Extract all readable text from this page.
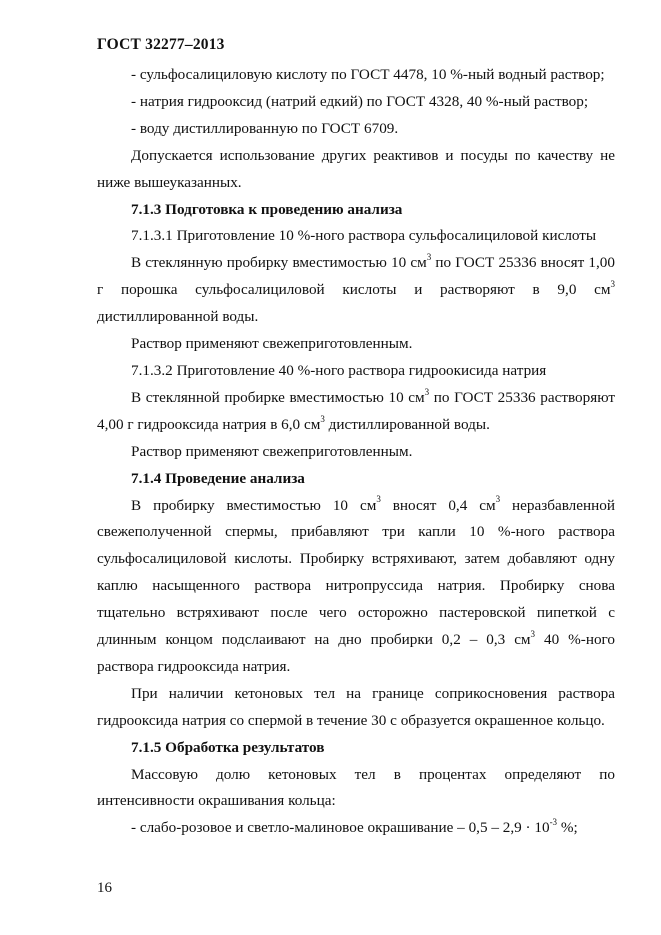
ГОСТ 32277–2013

- сульфосалициловую кислоту по ГОСТ 4478, 10 %-ный водный раствор;

- натрия гидрооксид (натрий едкий) по ГОСТ 4328, 40 %-ный раствор;

- воду дистиллированную по ГОСТ 6709.

Допускается использование других реактивов и посуды по качеству не ниже вышеуказанных.

7.1.3 Подготовка к проведению анализа

7.1.3.1 Приготовление 10 %-ного раствора сульфосалициловой кислоты

В стеклянную пробирку вместимостью 10 $см^3$ по ГОСТ 25336 вносят 1,00 г порошка сульфосалициловой кислоты и растворяют в 9,0 $см^3$ дистиллированной воды.

Раствор применяют свежеприготовленным.

7.1.3.2 Приготовление 40 %-ного раствора гидроокисида натрия

В стеклянной пробирке вместимостью 10 $см^3$ по ГОСТ 25336 растворяют 4,00 г гидрооксида натрия в 6,0 $см^3$ дистиллированной воды.

Раствор применяют свежеприготовленным.

7.1.4 Проведение анализа

В пробирку вместимостью 10 $см^3$ вносят 0,4 $см^3$ неразбавленной свежеполученной спермы, прибавляют три капли 10 %-ного раствора сульфосалициловой кислоты. Пробирку встряхивают, затем добавляют одну каплю насыщенного раствора нитропруссида натрия. Пробирку снова тщательно встряхивают после чего осторожно пастеровской пипеткой с длинным концом подслаивают на дно пробирки 0,2 – 0,3 $см^3$ 40 %-ного раствора гидрооксида натрия.

При наличии кетоновых тел на границе соприкосновения раствора гидрооксида натрия со спермой в течение 30 с образуется окрашенное кольцо.

7.1.5 Обработка результатов

Массовую долю кетоновых тел в процентах определяют по интенсивности окрашивания кольца:

- слабо-розовое и светло-малиновое окрашивание – $0,5 - 2,9 \cdot 10^{-3}$ %;

16
